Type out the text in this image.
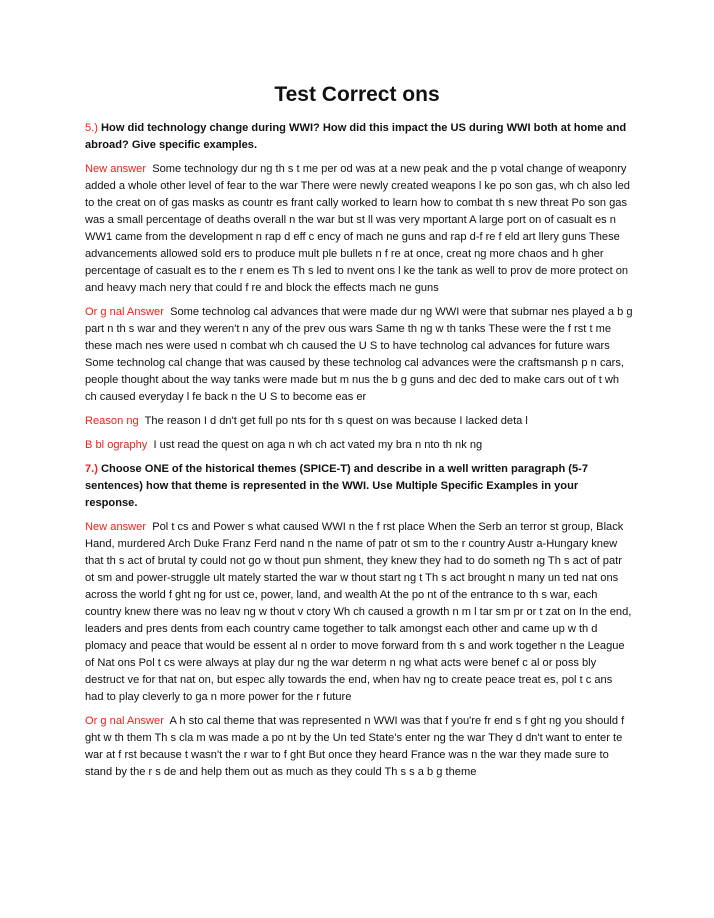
Test Correct ons

5.) How did technology change during WWI? How did this impact the US during WWI both at home and abroad? Give specific examples.

New answer Some technology dur ng th s t me per od was at a new peak and the p votal change of weaponry added a whole other level of fear to the war There were newly created weapons l ke po son gas, wh ch also led to the creat on of gas masks as countr es frant cally worked to learn how to combat th s new threat Po son gas was a small percentage of deaths overall n the war but st ll was very mportant A large port on of casualt es n WW1 came from the development n rap d eff c ency of mach ne guns and rap d-f re f eld art llery guns These advancements allowed sold ers to produce mult ple bullets n f re at once, creat ng more chaos and h gher percentage of casualt es to the r enem es Th s led to nvent ons l ke the tank as well to prov de more protect on and heavy mach nery that could f re and block the effects mach ne guns

Or g nal Answer Some technolog cal advances that were made dur ng WWI were that submar nes played a b g part n th s war and they weren't n any of the prev ous wars Same th ng w th tanks These were the f rst t me these mach nes were used n combat wh ch caused the U S to have technolog cal advances for future wars Some technolog cal change that was caused by these technolog cal advances were the craftsmansh p n cars, people thought about the way tanks were made but m nus the b g guns and dec ded to make cars out of t wh ch caused everyday l fe back n the U S to become eas er

Reason ng The reason I d dn't get full po nts for th s quest on was because I lacked deta l

B bl ography I ust read the quest on aga n wh ch act vated my bra n nto th nk ng

7.) Choose ONE of the historical themes (SPICE-T) and describe in a well written paragraph (5-7 sentences) how that theme is represented in the WWI. Use Multiple Specific Examples in your response.

New answer Pol t cs and Power s what caused WWI n the f rst place When the Serb an terror st group, Black Hand, murdered Arch Duke Franz Ferd nand n the name of patr ot sm to the r country Austr a-Hungary knew that th s act of brutal ty could not go w thout pun shment, they knew they had to do someth ng Th s act of patr ot sm and power-struggle ult mately started the war w thout start ng t Th s act brought n many un ted nat ons across the world f ght ng for ust ce, power, land, and wealth At the po nt of the entrance to th s war, each country knew there was no leav ng w thout v ctory Wh ch caused a growth n m l tar sm pr or t zat on In the end, leaders and pres dents from each country came together to talk amongst each other and came up w th d plomacy and peace that would be essent al n order to move forward from th s and work together n the League of Nat ons Pol t cs were always at play dur ng the war determ n ng what acts were benef c al or poss bly destruct ve for that nat on, but espec ally towards the end, when hav ng to create peace treat es, pol t c ans had to play cleverly to ga n more power for the r future

Or g nal Answer A h sto cal theme that was represented n WWI was that f you're fr end s f ght ng you should f ght w th them Th s cla m was made a po nt by the Un ted State's enter ng the war They d dn't want to enter te war at f rst because t wasn't the r war to f ght But once they heard France was n the war they made sure to stand by the r s de and help them out as much as they could Th s s a b g theme
